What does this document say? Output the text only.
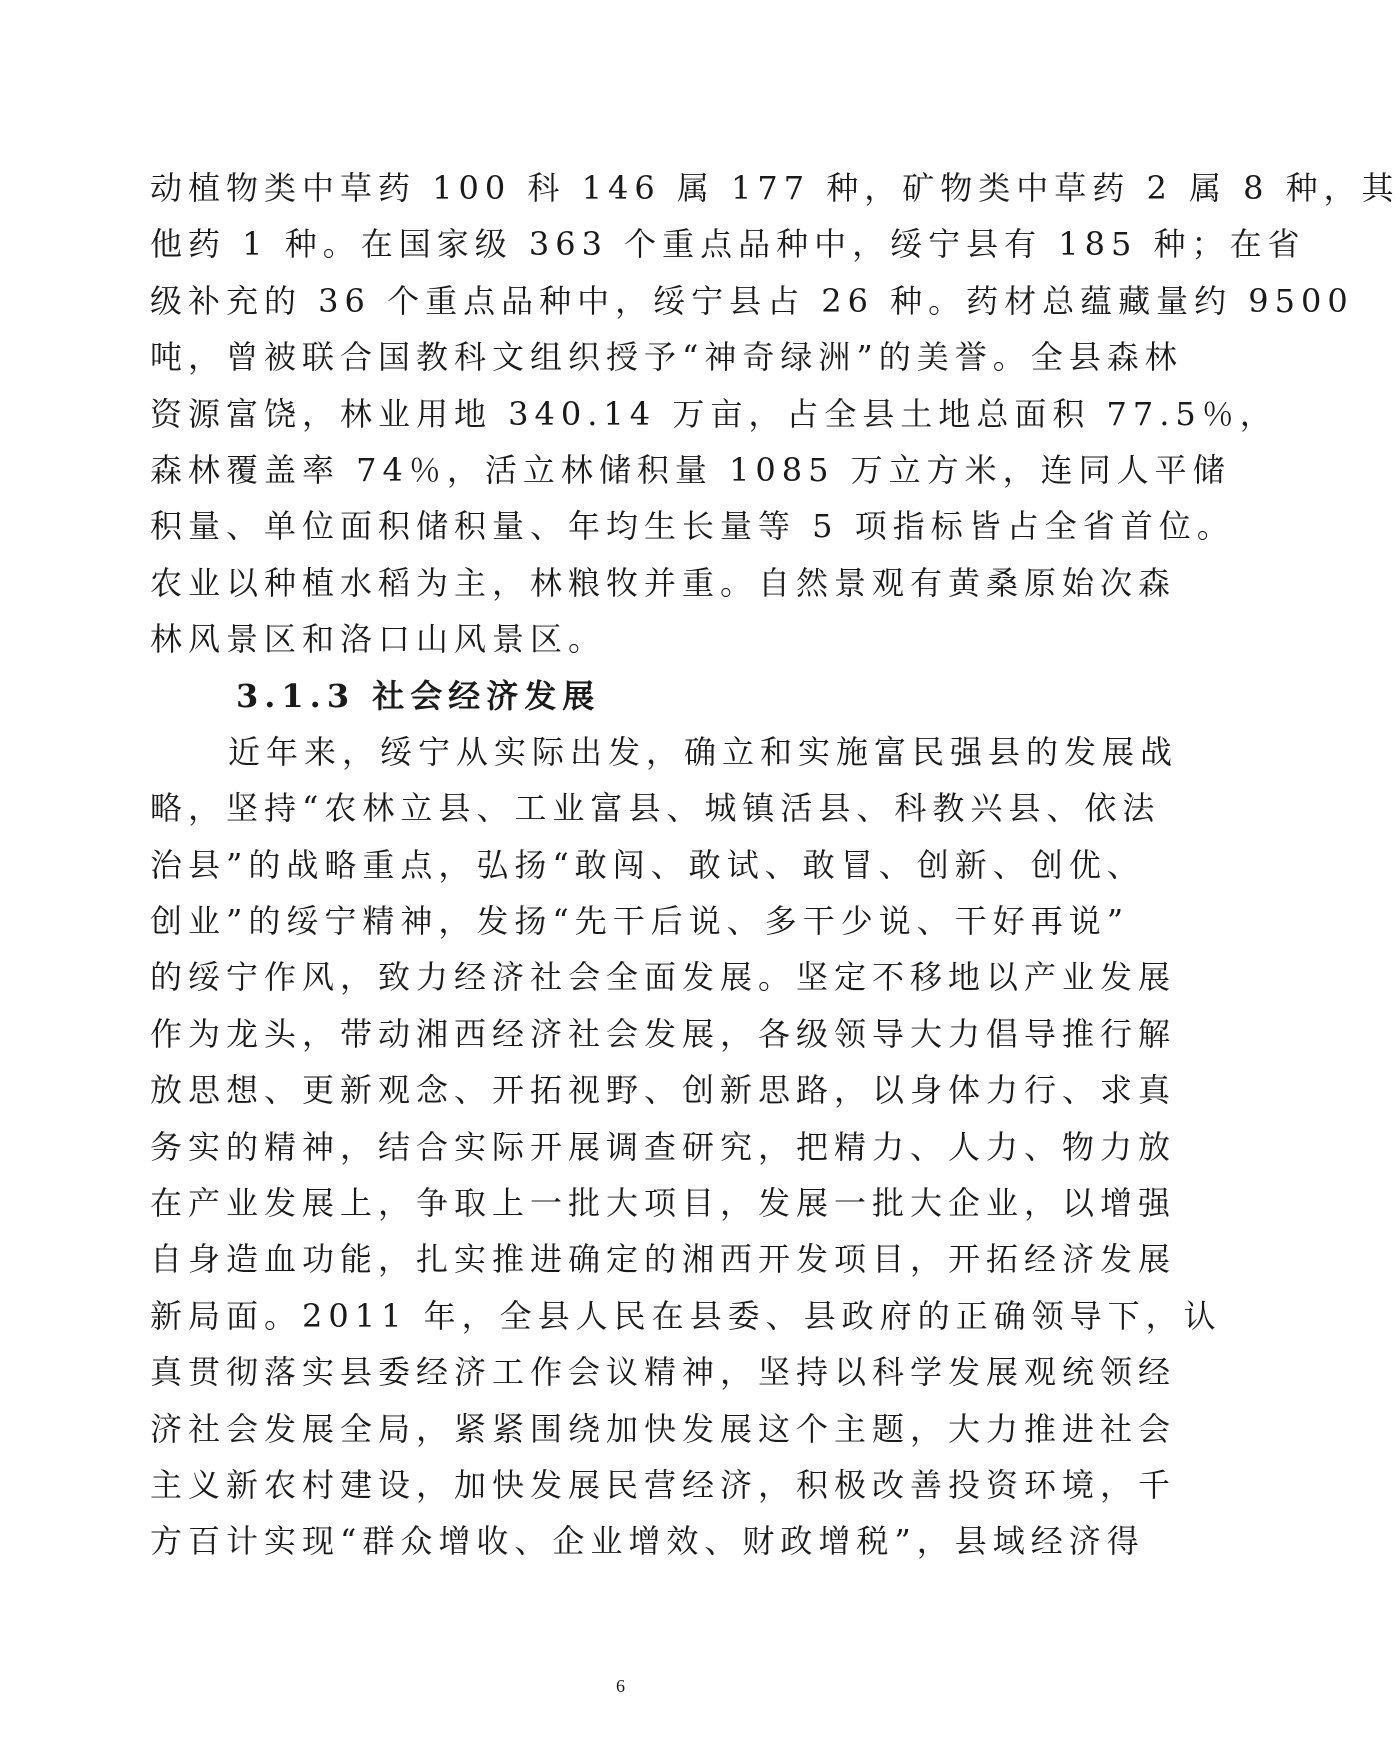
动植物类中草药 100 科 146 属 177 种，矿物类中草药 2 属 8 种，其
他药 1 种。在国家级 363 个重点品种中，绥宁县有 185 种；在省
级补充的 36 个重点品种中，绥宁县占 26 种。药材总蕴藏量约 9500
吨，曾被联合国教科文组织授予“神奇绿洲”的美誉。全县森林
资源富饶，林业用地 340.14 万亩，占全县土地总面积 77.5％，
森林覆盖率 74％，活立林储积量 1085 万立方米，连同人平储
积量、单位面积储积量、年均生长量等 5 项指标皆占全省首位。
农业以种植水稻为主，林粮牧并重。自然景观有黄桑原始次森
林风景区和洛口山风景区。
3.1.3 社会经济发展
近年来，绥宁从实际出发，确立和实施富民强县的发展战
略，坚持“农林立县、工业富县、城镇活县、科教兴县、依法
治县”的战略重点，弘扬“敢闯、敢试、敢冒、创新、创优、
创业”的绥宁精神，发扬“先干后说、多干少说、干好再说”
的绥宁作风，致力经济社会全面发展。坚定不移地以产业发展
作为龙头，带动湘西经济社会发展，各级领导大力倡导推行解
放思想、更新观念、开拓视野、创新思路，以身体力行、求真
务实的精神，结合实际开展调查研究，把精力、人力、物力放
在产业发展上，争取上一批大项目，发展一批大企业，以增强
自身造血功能，扎实推进确定的湘西开发项目，开拓经济发展
新局面。2011 年，全县人民在县委、县政府的正确领导下，认
真贯彻落实县委经济工作会议精神，坚持以科学发展观统领经
济社会发展全局，紧紧围绕加快发展这个主题，大力推进社会
主义新农村建设，加快发展民营经济，积极改善投资环境，千
方百计实现“群众增收、企业增效、财政增税”，县域经济得
6
